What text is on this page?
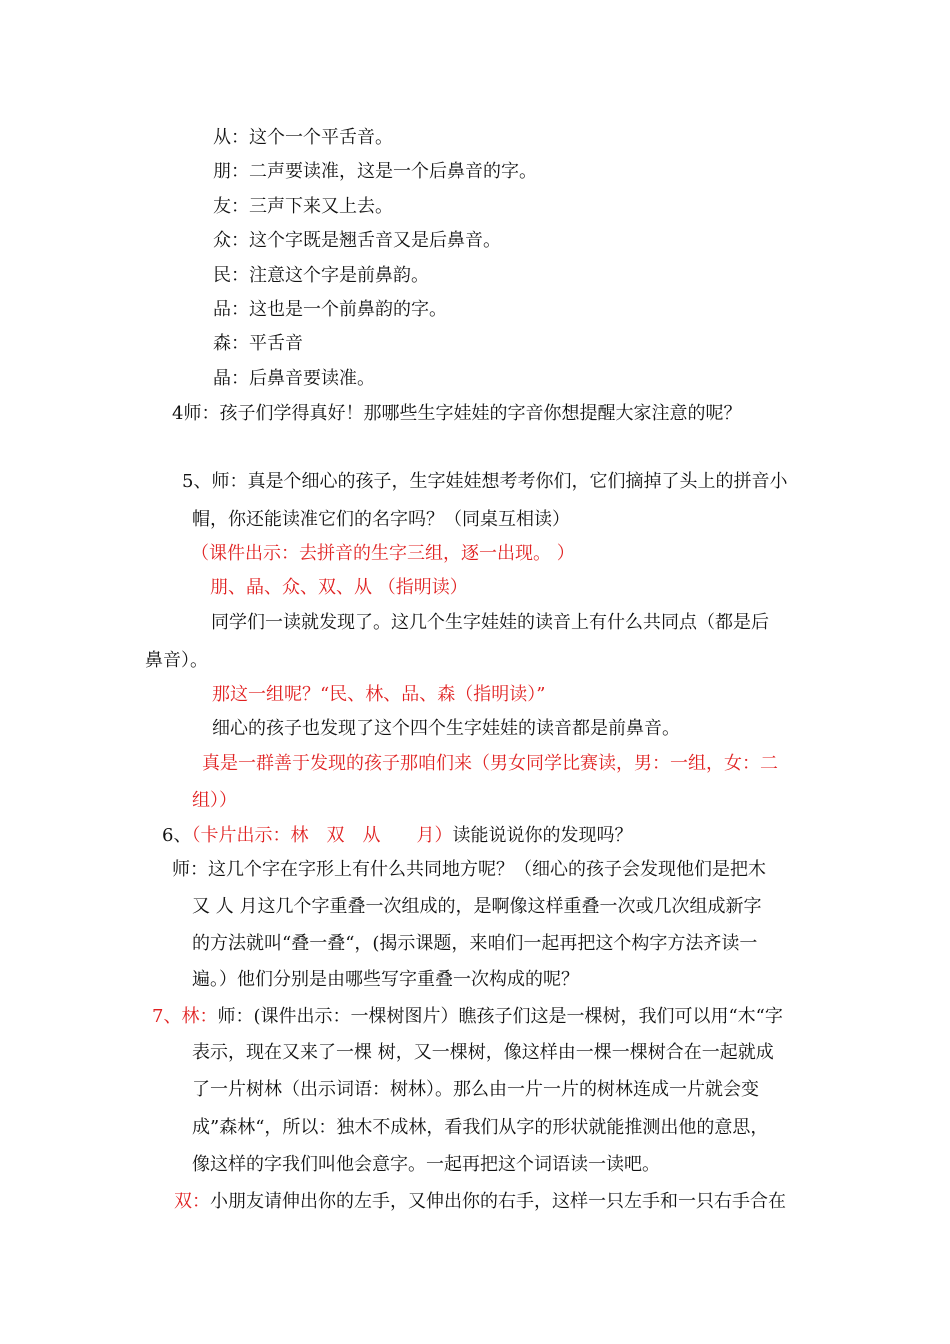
从：这个一个平舌音。
朋：二声要读准，这是一个后鼻音的字。
友：三声下来又上去。
众：这个字既是翘舌音又是后鼻音。
民：注意这个字是前鼻韵。
品：这也是一个前鼻韵的字。
森：平舌音
晶：后鼻音要读准。
4师：孩子们学得真好！那哪些生字娃娃的字音你想提醒大家注意的呢？
5、师：真是个细心的孩子，生字娃娃想考考你们，它们摘掉了头上的拼音小
帽，你还能读准它们的名字吗？（同桌互相读）
（课件出示：去拼音的生字三组，逐一出现。 ）
朋、晶、众、双、从 （指明读）
同学们一读就发现了。这几个生字娃娃的读音上有什么共同点（都是后
鼻音）。
那这一组呢？“民、林、品、森（指明读）”
细心的孩子也发现了这个四个生字娃娃的读音都是前鼻音。
真是一群善于发现的孩子那咱们来（男女同学比赛读，男：一组，女：二
组））
6、（卡片出示：林　双　从　　月）读能说说你的发现吗？
师：这几个字在字形上有什么共同地方呢？（细心的孩子会发现他们是把木
又 人 月这几个字重叠一次组成的，是啊像这样重叠一次或几次组成新字
的方法就叫“叠一叠“，(揭示课题，来咱们一起再把这个构字方法齐读一
遍。）他们分别是由哪些写字重叠一次构成的呢？
7、林：师：(课件出示：一棵树图片）瞧孩子们这是一棵树，我们可以用“木“字
表示，现在又来了一棵 树，又一棵树，像这样由一棵一棵树合在一起就成
了一片树林（出示词语：树林）。那么由一片一片的树林连成一片就会变
成”森林“，所以：独木不成林，看我们从字的形状就能推测出他的意思，
像这样的字我们叫他会意字。一起再把这个词语读一读吧。
双：小朋友请伸出你的左手，又伸出你的右手，这样一只左手和一只右手合在
